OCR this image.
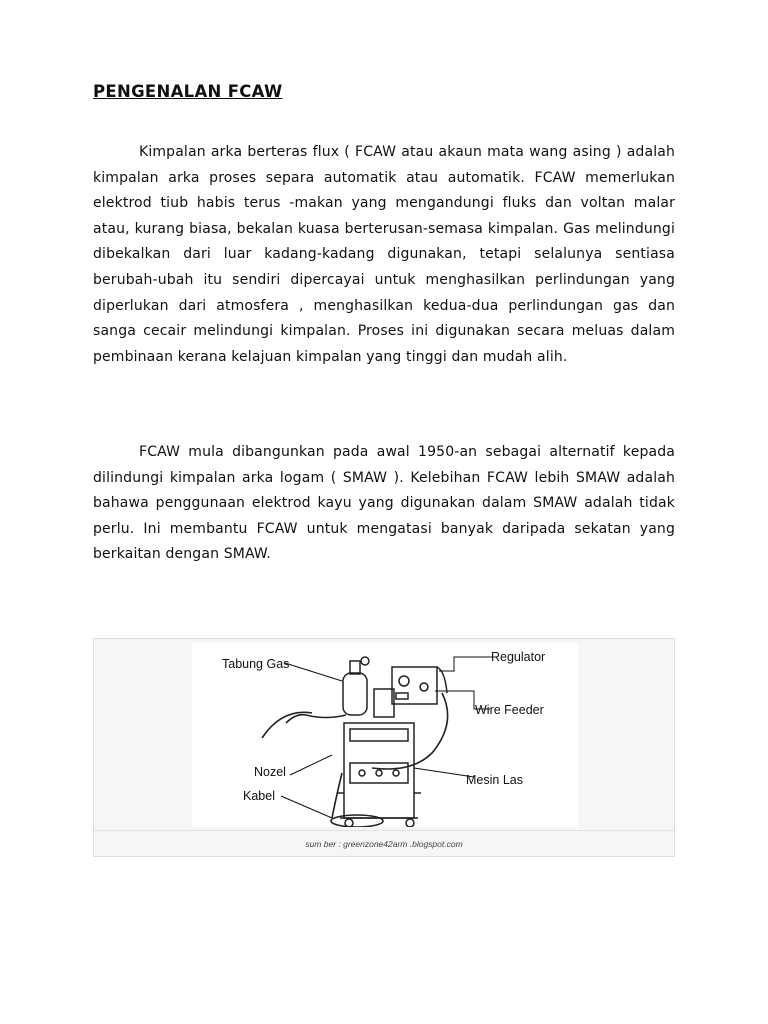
PENGENALAN FCAW

Kimpalan arka berteras flux ( FCAW atau akaun mata wang asing ) adalah kimpalan arka proses separa automatik atau automatik. FCAW memerlukan elektrod tiub habis terus -makan yang mengandungi fluks dan voltan malar atau, kurang biasa, bekalan kuasa berterusan-semasa kimpalan. Gas melindungi dibekalkan dari luar kadang-kadang digunakan, tetapi selalunya sentiasa berubah-ubah itu sendiri dipercayai untuk menghasilkan perlindungan yang diperlukan dari atmosfera , menghasilkan kedua-dua perlindungan gas dan sanga cecair melindungi kimpalan. Proses ini digunakan secara meluas dalam pembinaan kerana kelajuan kimpalan yang tinggi dan mudah alih.

FCAW mula dibangunkan pada awal 1950-an sebagai alternatif kepada dilindungi kimpalan arka logam ( SMAW ). Kelebihan FCAW lebih SMAW adalah bahawa penggunaan elektrod kayu yang digunakan dalam SMAW adalah tidak perlu. Ini membantu FCAW untuk mengatasi banyak daripada sekatan yang berkaitan dengan SMAW.

Tabung Gas	Regulator
Wire Feeder
Nozel
Mesin Las
Kabel
sum ber : greenzone42arm .blogspot.com
